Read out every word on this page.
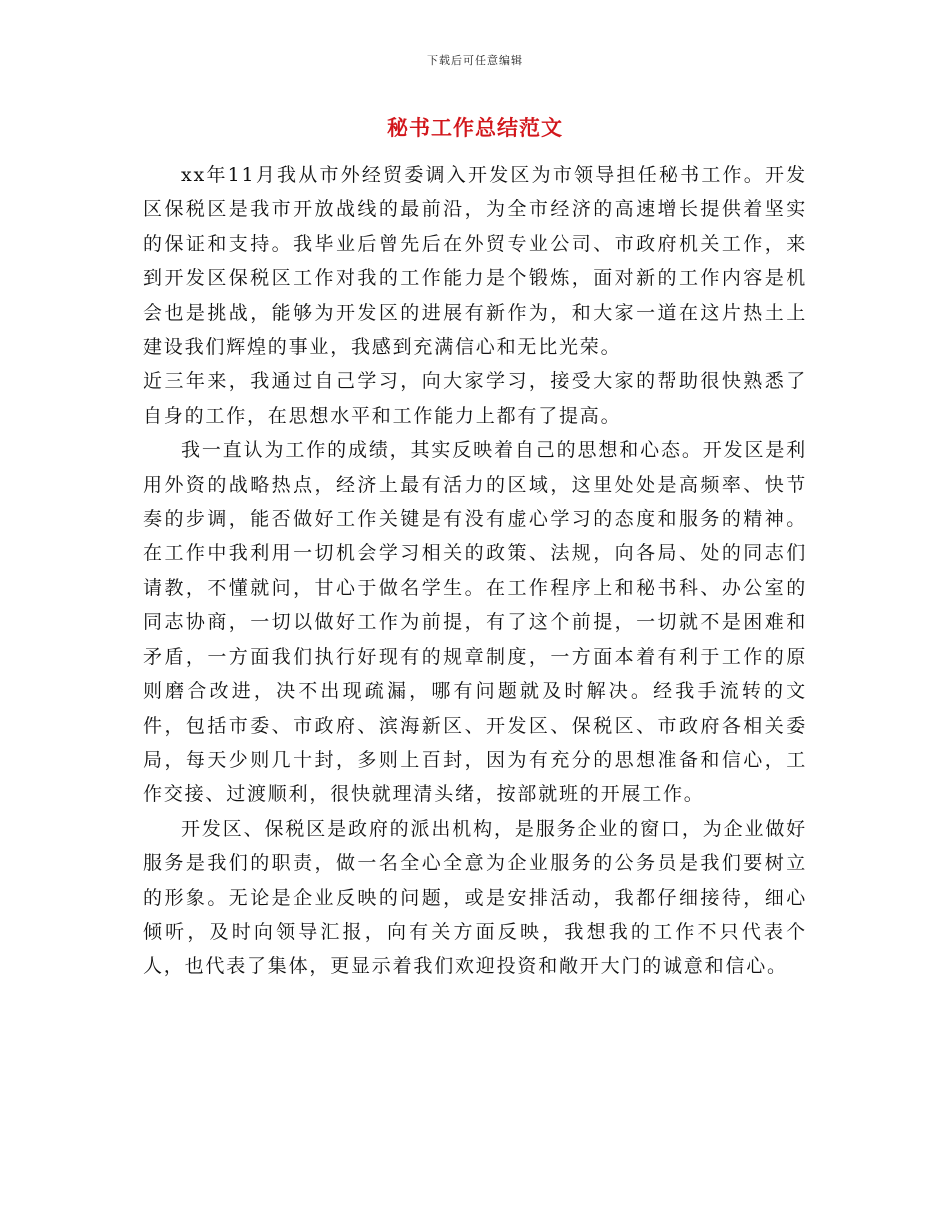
下载后可任意编辑
秘书工作总结范文

xx年11月我从市外经贸委调入开发区为市领导担任秘书工作。开发区保税区是我市开放战线的最前沿，为全市经济的高速增长提供着坚实的保证和支持。我毕业后曾先后在外贸专业公司、市政府机关工作，来到开发区保税区工作对我的工作能力是个锻炼，面对新的工作内容是机会也是挑战，能够为开发区的进展有新作为，和大家一道在这片热土上建设我们辉煌的事业，我感到充满信心和无比光荣。

近三年来，我通过自己学习，向大家学习，接受大家的帮助很快熟悉了自身的工作，在思想水平和工作能力上都有了提高。

我一直认为工作的成绩，其实反映着自己的思想和心态。开发区是利用外资的战略热点，经济上最有活力的区域，这里处处是高频率、快节奏的步调，能否做好工作关键是有没有虚心学习的态度和服务的精神。在工作中我利用一切机会学习相关的政策、法规，向各局、处的同志们请教，不懂就问，甘心于做名学生。在工作程序上和秘书科、办公室的同志协商，一切以做好工作为前提，有了这个前提，一切就不是困难和矛盾，一方面我们执行好现有的规章制度，一方面本着有利于工作的原则磨合改进，决不出现疏漏，哪有问题就及时解决。经我手流转的文件，包括市委、市政府、滨海新区、开发区、保税区、市政府各相关委局，每天少则几十封，多则上百封，因为有充分的思想准备和信心，工作交接、过渡顺利，很快就理清头绪，按部就班的开展工作。

开发区、保税区是政府的派出机构，是服务企业的窗口，为企业做好服务是我们的职责，做一名全心全意为企业服务的公务员是我们要树立的形象。无论是企业反映的问题，或是安排活动，我都仔细接待，细心倾听，及时向领导汇报，向有关方面反映，我想我的工作不只代表个人，也代表了集体，更显示着我们欢迎投资和敞开大门的诚意和信心。
